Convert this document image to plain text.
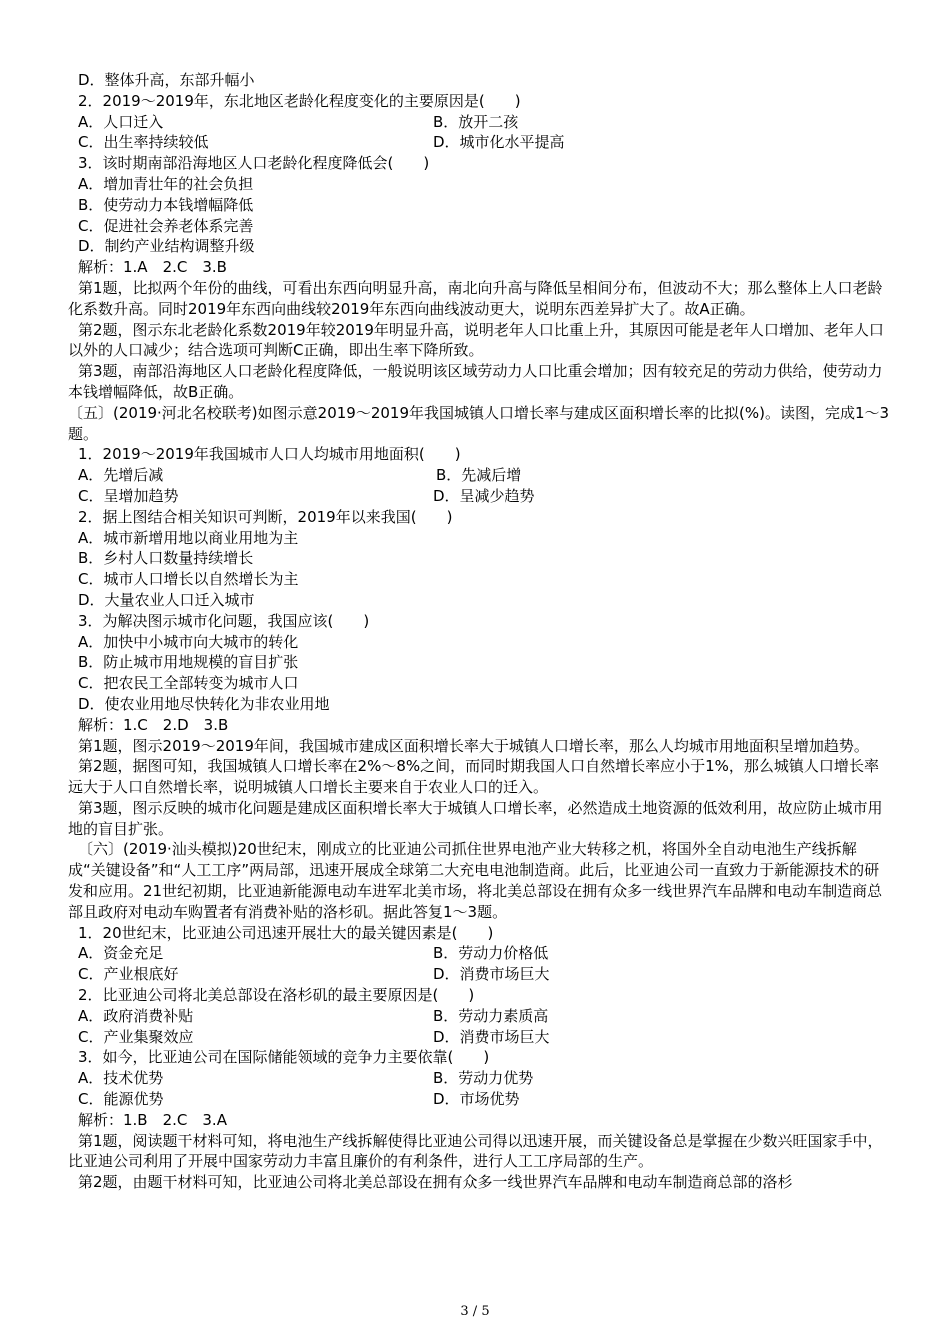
D．整体升高，东部升幅小
2．2019～2019年，东北地区老龄化程度变化的主要原因是(　　)
A．人口迁入	B．放开二孩
C．出生率持续较低	D．城市化水平提高
3．该时期南部沿海地区人口老龄化程度降低会(　　)
A．增加青壮年的社会负担
B．使劳动力本钱增幅降低
C．促进社会养老体系完善
D．制约产业结构调整升级
解析：1.A　2.C　3.B
第1题，比拟两个年份的曲线，可看出东西向明显升高，南北向升高与降低呈相间分布，但波动不大；那么整体上人口老龄化系数升高。同时2019年东西向曲线较2019年东西向曲线波动更大，说明东西差异扩大了。故A正确。
第2题，图示东北老龄化系数2019年较2019年明显升高，说明老年人口比重上升，其原因可能是老年人口增加、老年人口以外的人口减少；结合选项可判断C正确，即出生率下降所致。
第3题，南部沿海地区人口老龄化程度降低，一般说明该区域劳动力人口比重会增加；因有较充足的劳动力供给，使劳动力本钱增幅降低，故B正确。
〔五〕(2019·河北名校联考)如图示意2019～2019年我国城镇人口增长率与建成区面积增长率的比拟(%)。读图，完成1～3题。
1．2019～2019年我国城市人口人均城市用地面积(　　)
A．先增后减	B．先减后增
C．呈增加趋势	D．呈减少趋势
2．据上图结合相关知识可判断，2019年以来我国(　　)
A．城市新增用地以商业用地为主
B．乡村人口数量持续增长
C．城市人口增长以自然增长为主
D．大量农业人口迁入城市
3．为解决图示城市化问题，我国应该(　　)
A．加快中小城市向大城市的转化
B．防止城市用地规模的盲目扩张
C．把农民工全部转变为城市人口
D．使农业用地尽快转化为非农业用地
解析：1.C　2.D　3.B
第1题，图示2019～2019年间，我国城市建成区面积增长率大于城镇人口增长率，那么人均城市用地面积呈增加趋势。
第2题，据图可知，我国城镇人口增长率在2%～8%之间，而同时期我国人口自然增长率应小于1%，那么城镇人口增长率远大于人口自然增长率，说明城镇人口增长主要来自于农业人口的迁入。
第3题，图示反映的城市化问题是建成区面积增长率大于城镇人口增长率，必然造成土地资源的低效利用，故应防止城市用地的盲目扩张。
〔六〕(2019·汕头模拟)20世纪末，刚成立的比亚迪公司抓住世界电池产业大转移之机，将国外全自动电池生产线拆解成“关键设备”和“人工工序”两局部，迅速开展成全球第二大充电电池制造商。此后，比亚迪公司一直致力于新能源技术的研发和应用。21世纪初期，比亚迪新能源电动车进军北美市场，将北美总部设在拥有众多一线世界汽车品牌和电动车制造商总部且政府对电动车购置者有消费补贴的洛杉矶。据此答复1～3题。
1．20世纪末，比亚迪公司迅速开展壮大的最关键因素是(　　)
A．资金充足	B．劳动力价格低
C．产业根底好	D．消费市场巨大
2．比亚迪公司将北美总部设在洛杉矶的最主要原因是(　　)
A．政府消费补贴	B．劳动力素质高
C．产业集聚效应	D．消费市场巨大
3．如今，比亚迪公司在国际储能领域的竞争力主要依靠(　　)
A．技术优势	B．劳动力优势
C．能源优势	D．市场优势
解析：1.B　2.C　3.A
第1题，阅读题干材料可知，将电池生产线拆解使得比亚迪公司得以迅速开展，而关键设备总是掌握在少数兴旺国家手中，比亚迪公司利用了开展中国家劳动力丰富且廉价的有利条件，进行人工工序局部的生产。
第2题，由题干材料可知，比亚迪公司将北美总部设在拥有众多一线世界汽车品牌和电动车制造商总部的洛杉
3 / 5
